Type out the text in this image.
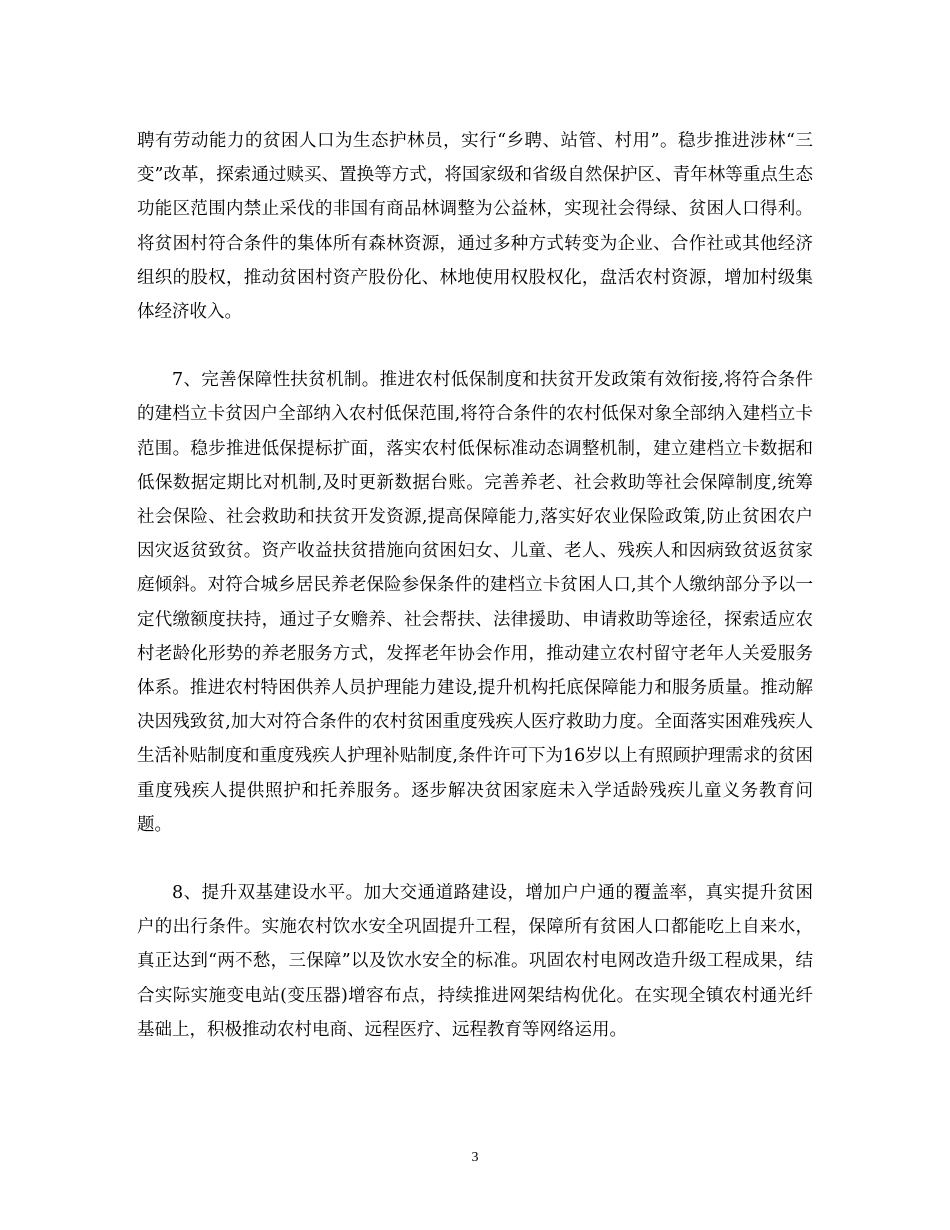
聘有劳动能力的贫困人口为生态护林员，实行“乡聘、站管、村用”。稳步推进涉林“三变”改革，探索通过赎买、置换等方式，将国家级和省级自然保护区、青年林等重点生态功能区范围内禁止采伐的非国有商品林调整为公益林，实现社会得绿、贫困人口得利。将贫困村符合条件的集体所有森林资源，通过多种方式转变为企业、合作社或其他经济组织的股权，推动贫困村资产股份化、林地使用权股权化，盘活农村资源，增加村级集体经济收入。

7、完善保障性扶贫机制。推进农村低保制度和扶贫开发政策有效衔接,将符合条件的建档立卡贫因户全部纳入农村低保范围,将符合条件的农村低保对象全部纳入建档立卡范围。稳步推进低保提标扩面，落实农村低保标准动态调整机制，建立建档立卡数据和低保数据定期比对机制,及时更新数据台账。完善养老、社会救助等社会保障制度,统筹社会保险、社会救助和扶贫开发资源,提高保障能力,落实好农业保险政策,防止贫困农户因灾返贫致贫。资产收益扶贫措施向贫困妇女、儿童、老人、残疾人和因病致贫返贫家庭倾斜。对符合城乡居民养老保险参保条件的建档立卡贫困人口,其个人缴纳部分予以一定代缴额度扶持，通过子女赡养、社会帮扶、法律援助、申请救助等途径，探索适应农村老龄化形势的养老服务方式，发挥老年协会作用，推动建立农村留守老年人关爱服务体系。推进农村特困供养人员护理能力建设,提升机构托底保障能力和服务质量。推动解决因残致贫,加大对符合条件的农村贫困重度残疾人医疗救助力度。全面落实困难残疾人生活补贴制度和重度残疾人护理补贴制度,条件许可下为16岁以上有照顾护理需求的贫困重度残疾人提供照护和托养服务。逐步解决贫困家庭未入学适龄残疾儿童义务教育问题。

8、提升双基建设水平。加大交通道路建设，增加户户通的覆盖率，真实提升贫困户的出行条件。实施农村饮水安全巩固提升工程，保障所有贫困人口都能吃上自来水，真正达到“两不愁，三保障”以及饮水安全的标准。巩固农村电网改造升级工程成果，结合实际实施变电站(变压器)增容布点，持续推进网架结构优化。在实现全镇农村通光纤基础上，积极推动农村电商、远程医疗、远程教育等网络运用。

3
